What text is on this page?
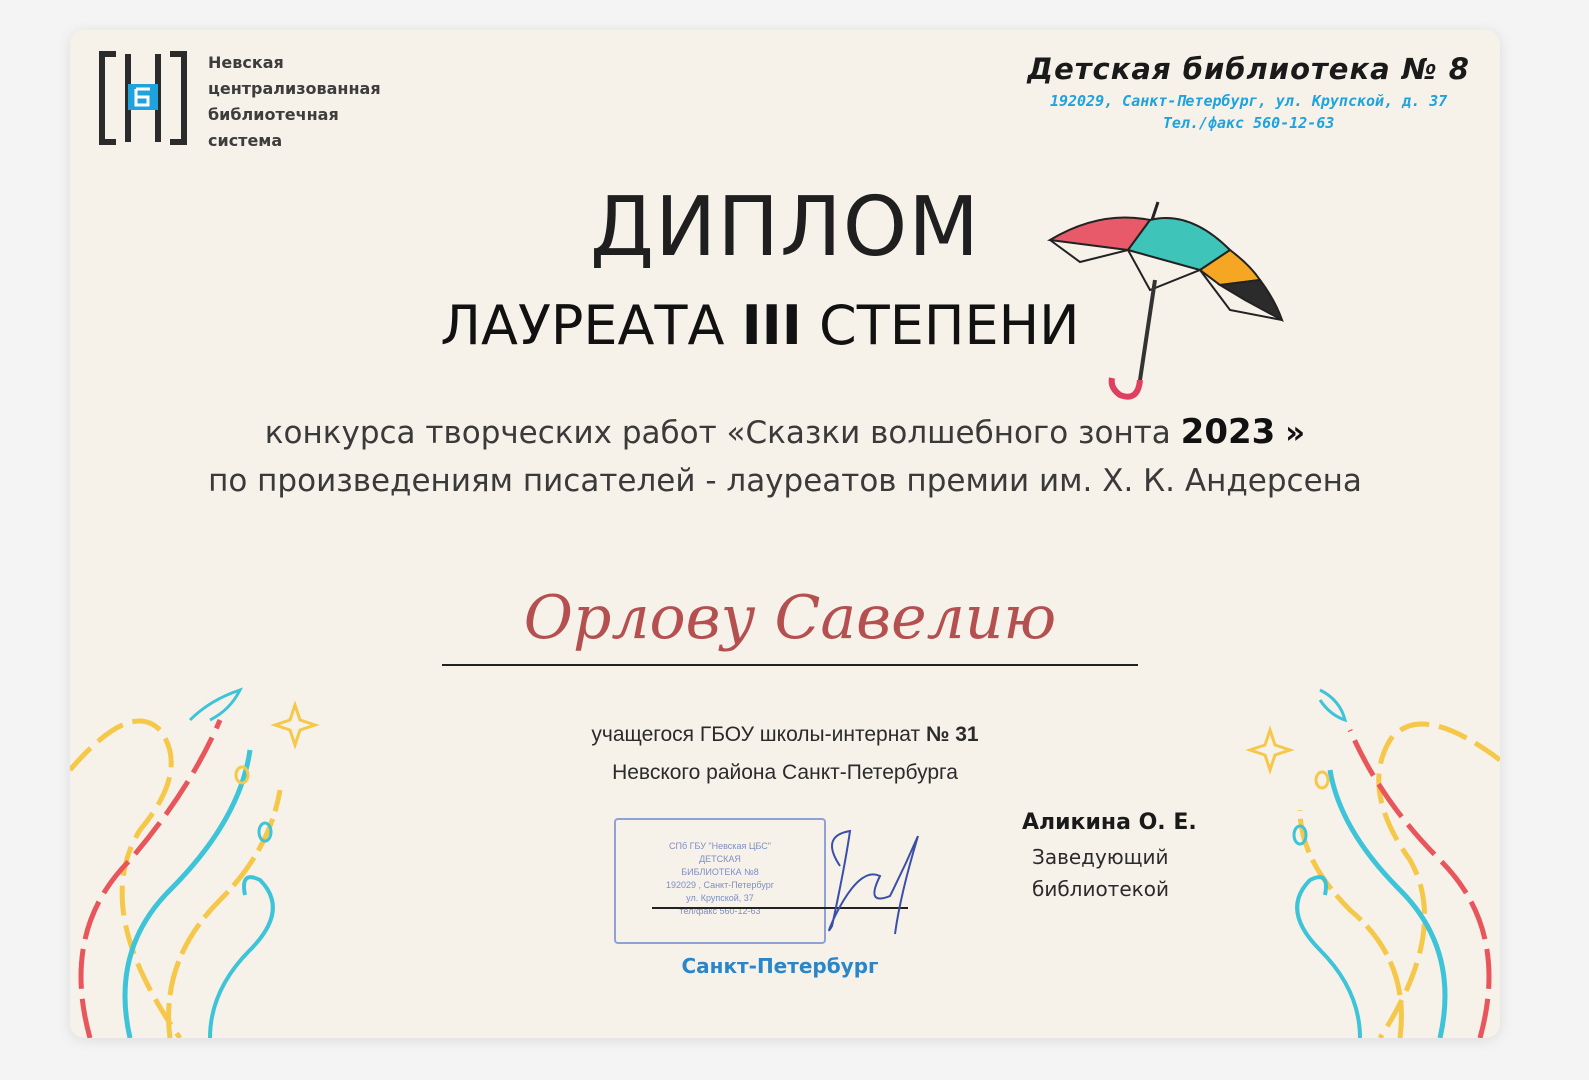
Невская
централизованная
библиотечная
система
Детская библиотека № 8
192029, Санкт-Петербург, ул. Крупской, д. 37
Тел./факс 560-12-63
ДИПЛОМ
ЛАУРЕАТА III СТЕПЕНИ
конкурса творческих работ «Сказки волшебного зонта 2023 »
по произведениям писателей - лауреатов премии им. Х. К. Андерсена
Орлову Савелию
учащегося ГБОУ школы-интернат № 31
Невского района Санкт-Петербурга
СПб ГБУ "Невская ЦБС"
ДЕТСКАЯ
БИБЛИОТЕКА №8
192029 , Санкт-Петербург
ул. Крупской, 37
тел/факс 560-12-63
Санкт-Петербург
Аликина О. Е.
Заведующий
библиотекой
